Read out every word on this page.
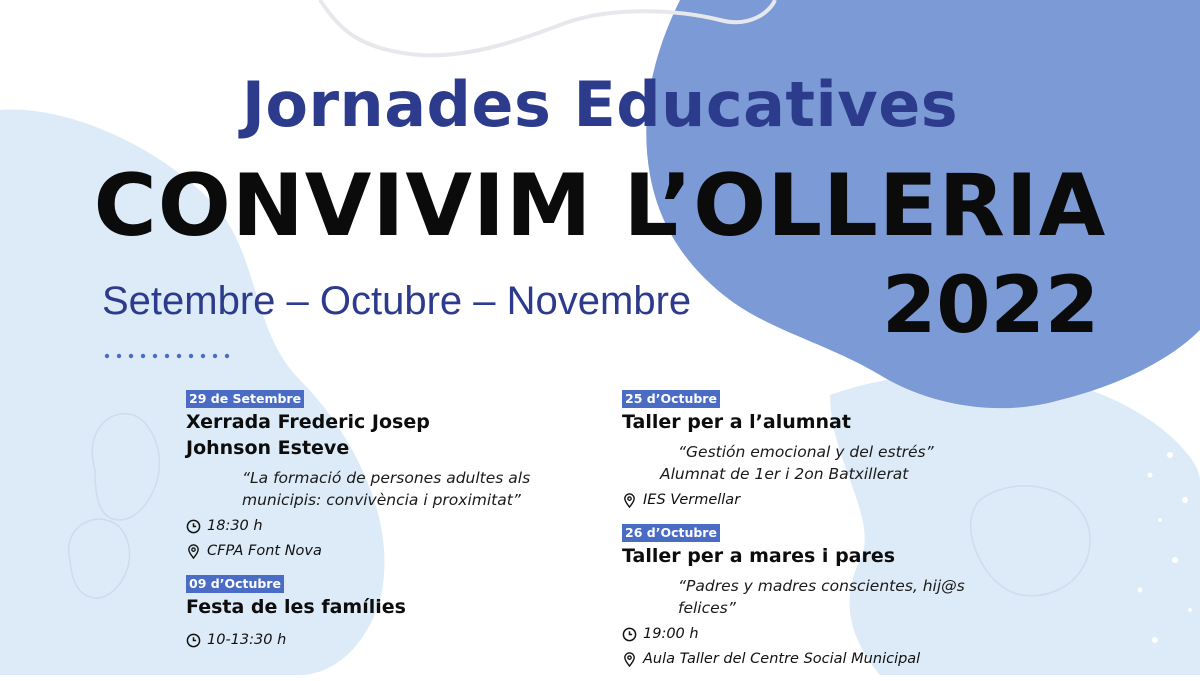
Jornades Educatives
CONVIVIM L’OLLERIA
Setembre – Octubre – Novembre 2022
29 de Setembre
Xerrada Frederic Josep
Johnson Esteve
“La formació de persones adultes als
municipis: convivència i proximitat”
18:30 h
CFPA Font Nova
09 d’Octubre
Festa de les famílies
10-13:30 h
25 d’Octubre
Taller per a l’alumnat
“Gestión emocional y del estrés”
Alumnat de 1er i 2on Batxillerat
IES Vermellar
26 d’Octubre
Taller per a mares i pares
“Padres y madres conscientes, hij@s
felices”
19:00 h
Aula Taller del Centre Social Municipal
